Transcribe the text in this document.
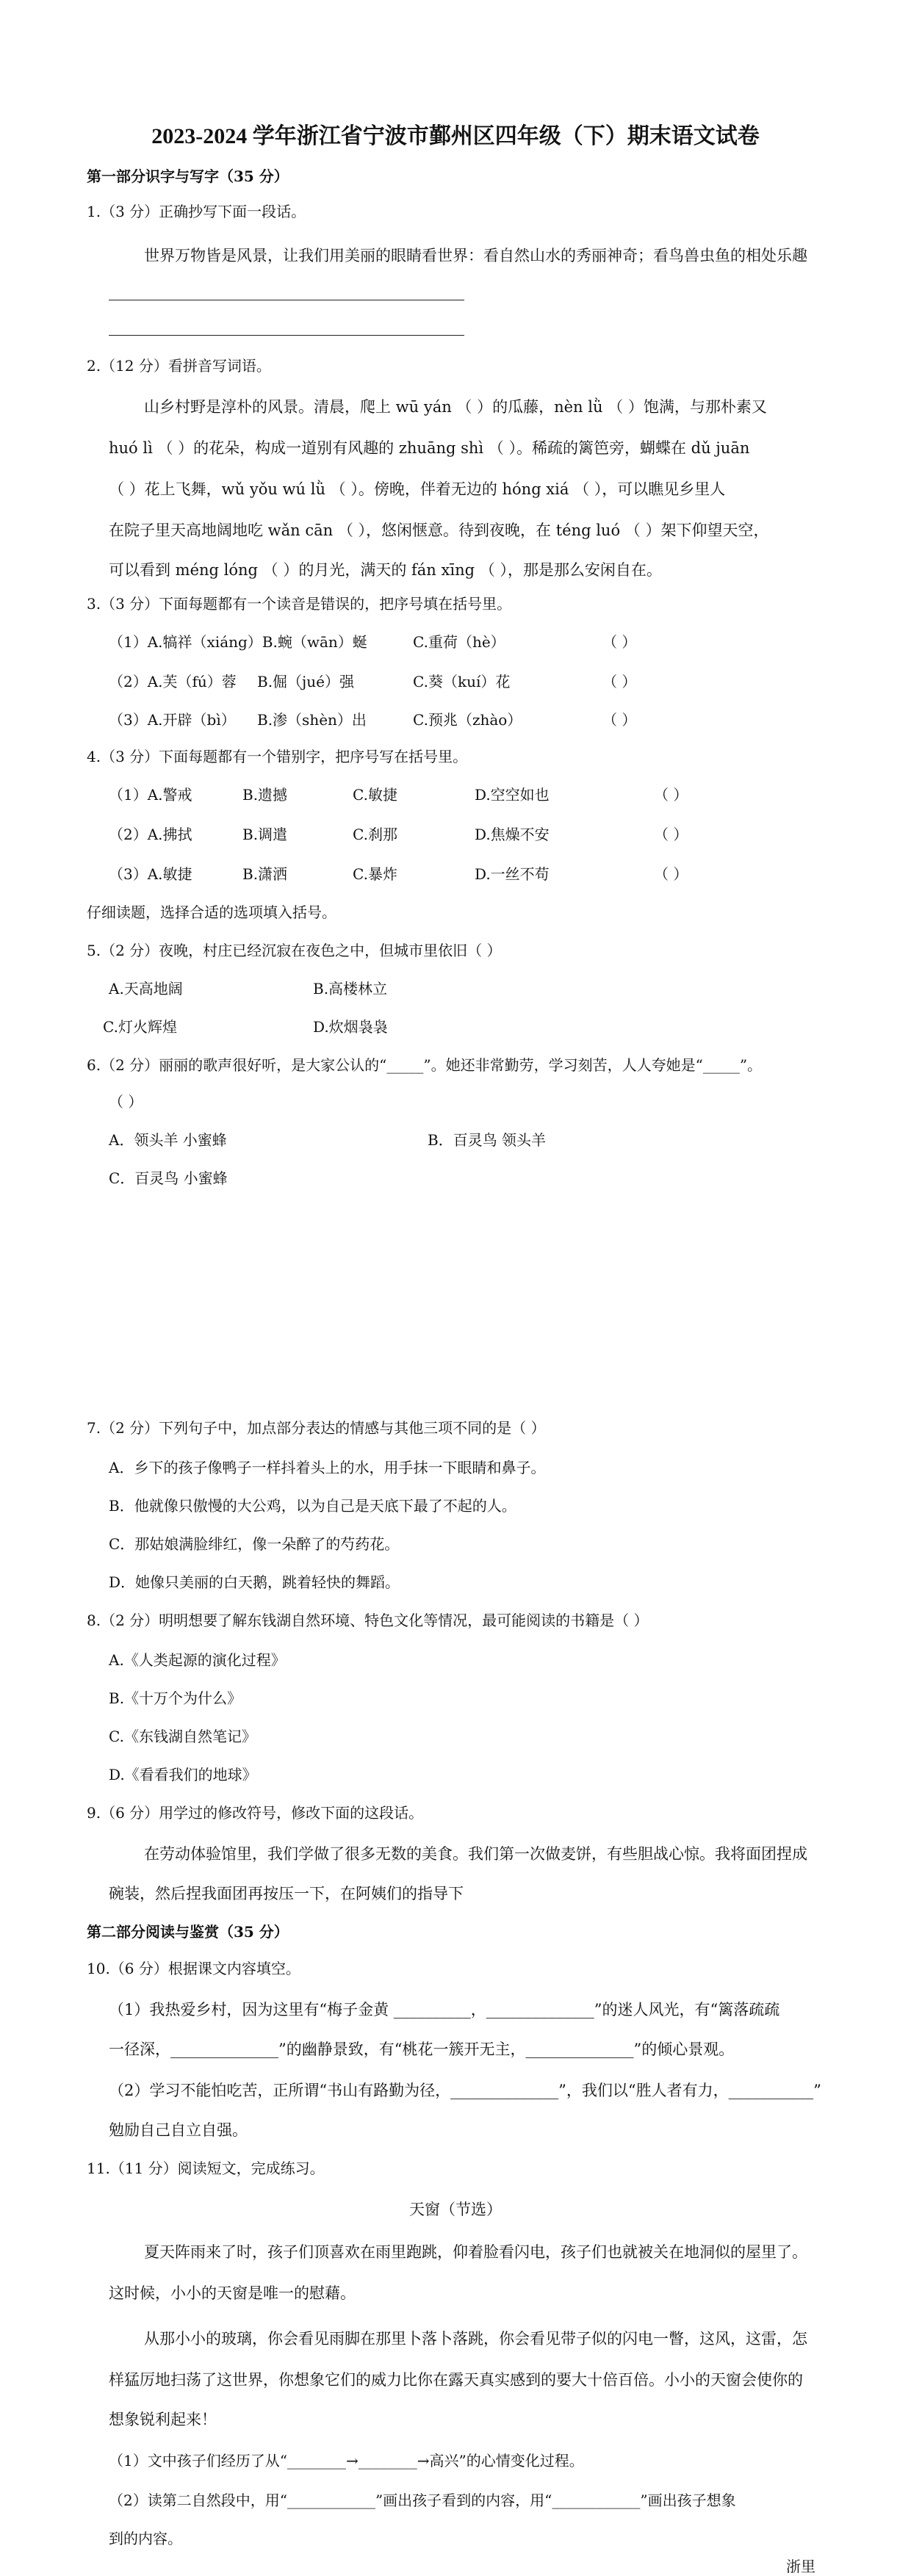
2023-2024 学年浙江省宁波市鄞州区四年级（下）期末语文试卷
第一部分识字与写字（35 分）
1.（3 分）正确抄写下面一段话。
世界万物皆是风景，让我们用美丽的眼睛看世界：看自然山水的秀丽神奇；看鸟兽虫鱼的相处乐趣
2.（12 分）看拼音写词语。
山乡村野是淳朴的风景。清晨，爬上 wū yán （ ）的瓜藤，nèn lǜ （ ）饱满，与那朴素又
huó lì （ ）的花朵，构成一道别有风趣的 zhuāng shì （ ）。稀疏的篱笆旁，蝴蝶在 dǔ juān
（ ）花上飞舞，wǔ yǒu wú lǜ （ ）。傍晚，伴着无边的 hóng xiá （ ），可以瞧见乡里人
在院子里天高地阔地吃 wǎn cān （ ），悠闲惬意。待到夜晚，在 téng luó （ ）架下仰望天空，
可以看到 méng lóng （ ）的月光，满天的 fán xīng （ ），那是那么安闲自在。
3.（3 分）下面每题都有一个读音是错误的，把序号填在括号里。
（1）A.犒祥（xiáng）B.蜿（wān）蜒	C.重荷（hè）	（ ）
（2）A.芙（fú）蓉 B.倔（jué）强	C.葵（kuí）花	（ ）
（3）A.开辟（bì） B.渗（shèn）出	C.预兆（zhào）	（ ）
4.（3 分）下面每题都有一个错别字，把序号写在括号里。
（1）A.警戒	B.遗撼	C.敏捷	D.空空如也	（ ）
（2）A.拂拭	B.调遣	C.刹那	D.焦燥不安	（ ）
（3）A.敏捷	B.潇洒	C.暴炸	D.一丝不苟	（ ）
仔细读题，选择合适的选项填入括号。
5.（2 分）夜晚，村庄已经沉寂在夜色之中，但城市里依旧（ ）
A.天高地阔	B.高楼林立
C.灯火辉煌	D.炊烟袅袅
6.（2 分）丽丽的歌声很好听，是大家公认的“_____”。她还非常勤劳，学习刻苦，人人夸她是“_____”。
（ ）
A．领头羊 小蜜蜂	B．百灵鸟 领头羊
C．百灵鸟 小蜜蜂
7.（2 分）下列句子中，加点部分表达的情感与其他三项不同的是（ ）
A．乡下的孩子像鸭子一样抖着头上的水，用手抹一下眼睛和鼻子。
B．他就像只傲慢的大公鸡，以为自己是天底下最了不起的人。
C．那姑娘满脸绯红，像一朵醉了的芍药花。
D．她像只美丽的白天鹅，跳着轻快的舞蹈。
8.（2 分）明明想要了解东钱湖自然环境、特色文化等情况，最可能阅读的书籍是（ ）
A.《人类起源的演化过程》
B.《十万个为什么》
C.《东钱湖自然笔记》
D.《看看我们的地球》
9.（6 分）用学过的修改符号，修改下面的这段话。
在劳动体验馆里，我们学做了很多无数的美食。我们第一次做麦饼，有些胆战心惊。我将面团捏成
碗装，然后捏我面团再按压一下，在阿姨们的指导下
第二部分阅读与鉴赏（35 分）
10.（6 分）根据课文内容填空。
（1）我热爱乡村，因为这里有“梅子金黄 __________，______________”的迷人风光，有“篱落疏疏
一径深，______________”的幽静景致，有“桃花一簇开无主，______________”的倾心景观。
（2）学习不能怕吃苦，正所谓“书山有路勤为径，______________”，我们以“胜人者有力，___________”
勉励自己自立自强。
11.（11 分）阅读短文，完成练习。
天窗（节选）
夏天阵雨来了时，孩子们顶喜欢在雨里跑跳，仰着脸看闪电，孩子们也就被关在地洞似的屋里了。
这时候，小小的天窗是唯一的慰藉。
从那小小的玻璃，你会看见雨脚在那里卜落卜落跳，你会看见带子似的闪电一瞥，这风，这雷，怎
样猛厉地扫荡了这世界，你想象它们的威力比你在露天真实感到的要大十倍百倍。小小的天窗会使你的
想象锐利起来！
（1）文中孩子们经历了从“________→________→高兴”的心情变化过程。
（2）读第二自然段中，用“____________”画出孩子看到的内容，用“____________”画出孩子想象
到的内容。
浙里
